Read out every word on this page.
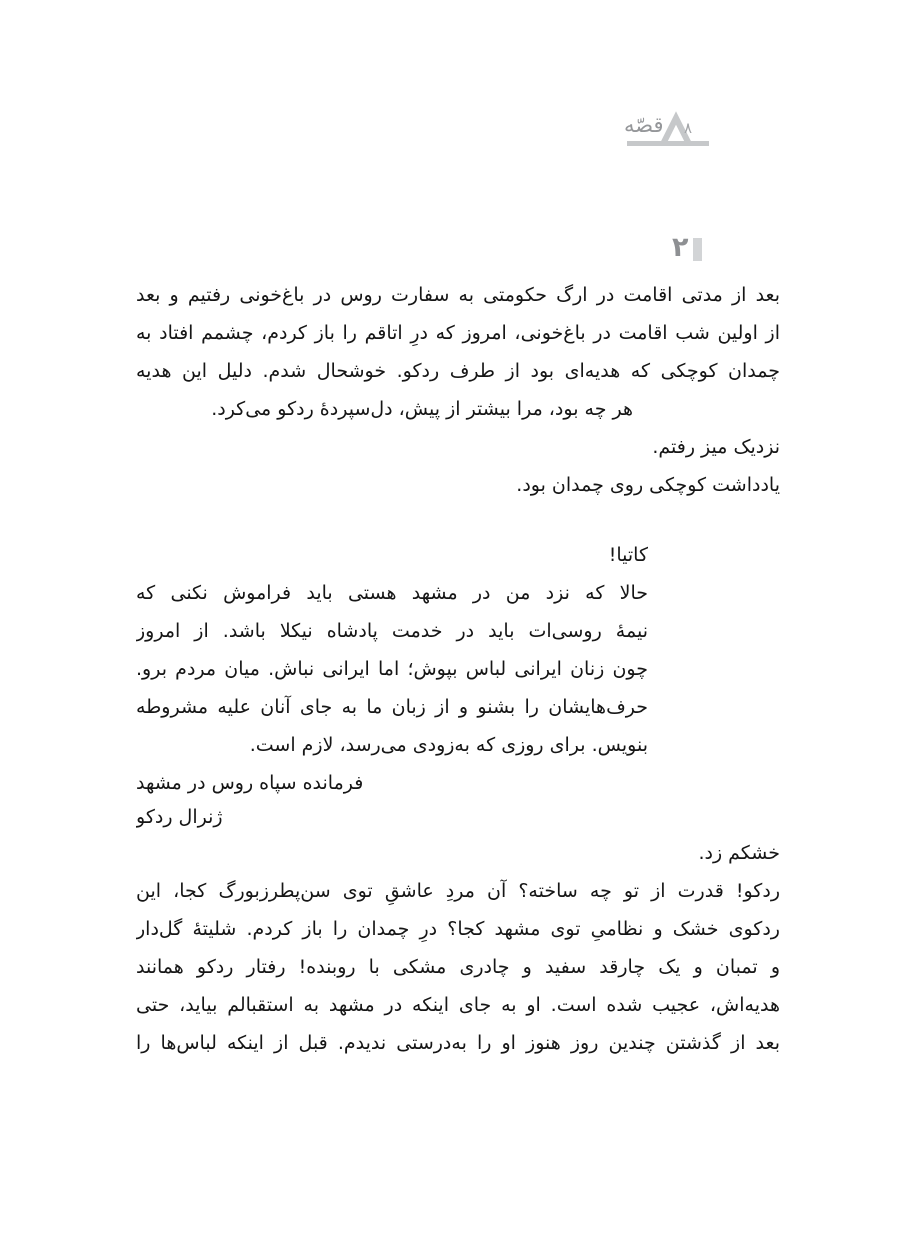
قصّه ۸
۲
بعد از مدتی اقامت در ارگ حکومتی به سفارت روس در باغ‌خونی رفتیم و بعد
از اولین شب اقامت در باغ‌خونی، امروز که درِ اتاقم را باز کردم، چشمم افتاد به
چمدان کوچکی که هدیه‌ای بود از طرف ردکو. خوشحال شدم. دلیل این هدیه
هر چه بود، مرا بیشتر از پیش، دل‌سپردهٔ ردکو می‌کرد.
نزدیک میز رفتم.
یادداشت کوچکی روی چمدان بود.
کاتیا!
حالا که نزد من در مشهد هستی باید فراموش نکنی که
نیمهٔ روسی‌ات باید در خدمت پادشاه نیکلا باشد. از امروز
چون زنان ایرانی لباس بپوش؛ اما ایرانی نباش. میان مردم برو.
حرف‌هایشان را بشنو و از زبان ما به جای آنان علیه مشروطه
بنویس. برای روزی که به‌زودی می‌رسد، لازم است.
فرمانده سپاه روس در مشهد
ژنرال ردکو
خشکم زد.
ردکو! قدرت از تو چه ساخته؟ آن مردِ عاشقِ توی سن‌پطرزبورگ کجا، این
ردکوی خشک و نظامیِ توی مشهد کجا؟ درِ چمدان را باز کردم. شلیتهٔ گل‌دار
و تمبان و یک چارقد سفید و چادری مشکی با روبنده! رفتار ردکو همانند
هدیه‌اش، عجیب شده است. او به جای اینکه در مشهد به استقبالم بیاید، حتی
بعد از گذشتن چندین روز هنوز او را به‌درستی ندیدم. قبل از اینکه لباس‌ها را
